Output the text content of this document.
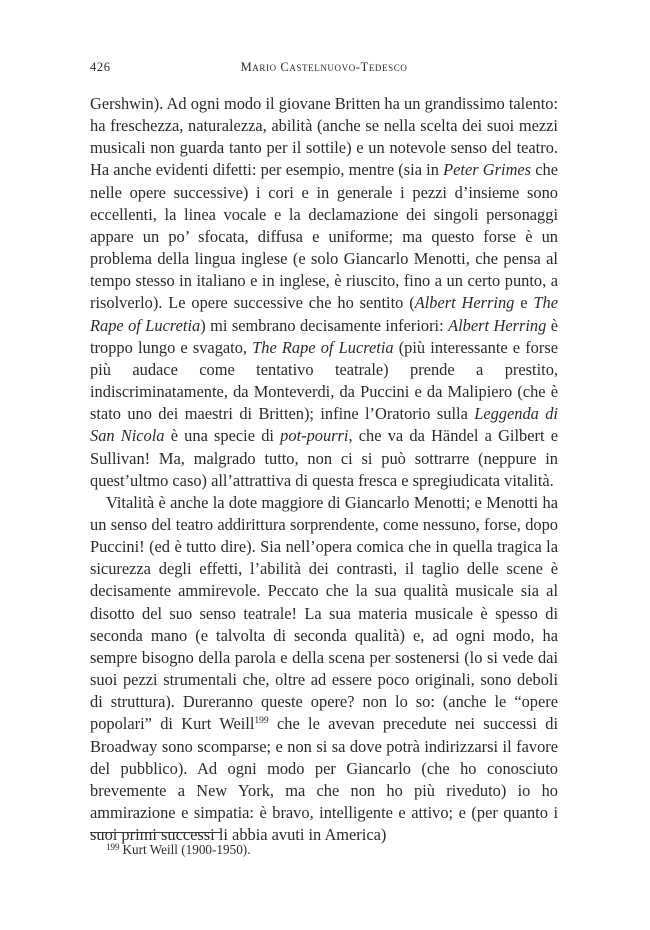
426	Mario Castelnuovo-Tedesco

Gershwin). Ad ogni modo il giovane Britten ha un grandissimo talento: ha freschezza, naturalezza, abilità (anche se nella scelta dei suoi mezzi musicali non guarda tanto per il sottile) e un notevole senso del teatro. Ha anche evidenti difetti: per esempio, mentre (sia in Peter Grimes che nelle opere successive) i cori e in generale i pezzi d’insieme sono eccellenti, la linea vocale e la declamazione dei singoli personaggi appare un po’ sfocata, diffusa e uniforme; ma questo forse è un problema della lingua inglese (e solo Giancarlo Menotti, che pensa al tempo stesso in italiano e in inglese, è riuscito, fino a un certo punto, a risolverlo). Le opere successive che ho sentito (Albert Herring e The Rape of Lucretia) mi sembrano decisamente inferiori: Albert Herring è troppo lungo e svagato, The Rape of Lucretia (più interessante e forse più audace come tentativo teatrale) prende a prestito, indiscriminatamente, da Monteverdi, da Puccini e da Malipiero (che è stato uno dei maestri di Britten); infine l’Oratorio sulla Leggenda di San Nicola è una specie di pot-pourri, che va da Händel a Gilbert e Sullivan! Ma, malgrado tutto, non ci si può sottrarre (neppure in quest’ultmo caso) all’attrattiva di questa fresca e spregiudicata vitalità.

Vitalità è anche la dote maggiore di Giancarlo Menotti; e Menotti ha un senso del teatro addirittura sorprendente, come nessuno, forse, dopo Puccini! (ed è tutto dire). Sia nell’opera comica che in quella tragica la sicurezza degli effetti, l’abilità dei contrasti, il taglio delle scene è decisamente ammirevole. Peccato che la sua qualità musicale sia al disotto del suo senso teatrale! La sua materia musicale è spesso di seconda mano (e talvolta di seconda qualità) e, ad ogni modo, ha sempre bisogno della parola e della scena per sostenersi (lo si vede dai suoi pezzi strumentali che, oltre ad essere poco originali, sono deboli di struttura). Dureranno queste opere? non lo so: (anche le “opere popolari” di Kurt Weill$^{199}$ che le avevan precedute nei successi di Broadway sono scomparse; e non si sa dove potrà indirizzarsi il favore del pubblico). Ad ogni modo per Giancarlo (che ho conosciuto brevemente a New York, ma che non ho più riveduto) io ho ammirazione e simpatia: è bravo, intelligente e attivo; e (per quanto i suoi primi successi li abbia avuti in America)

$^{199}$ Kurt Weill (1900-1950).
